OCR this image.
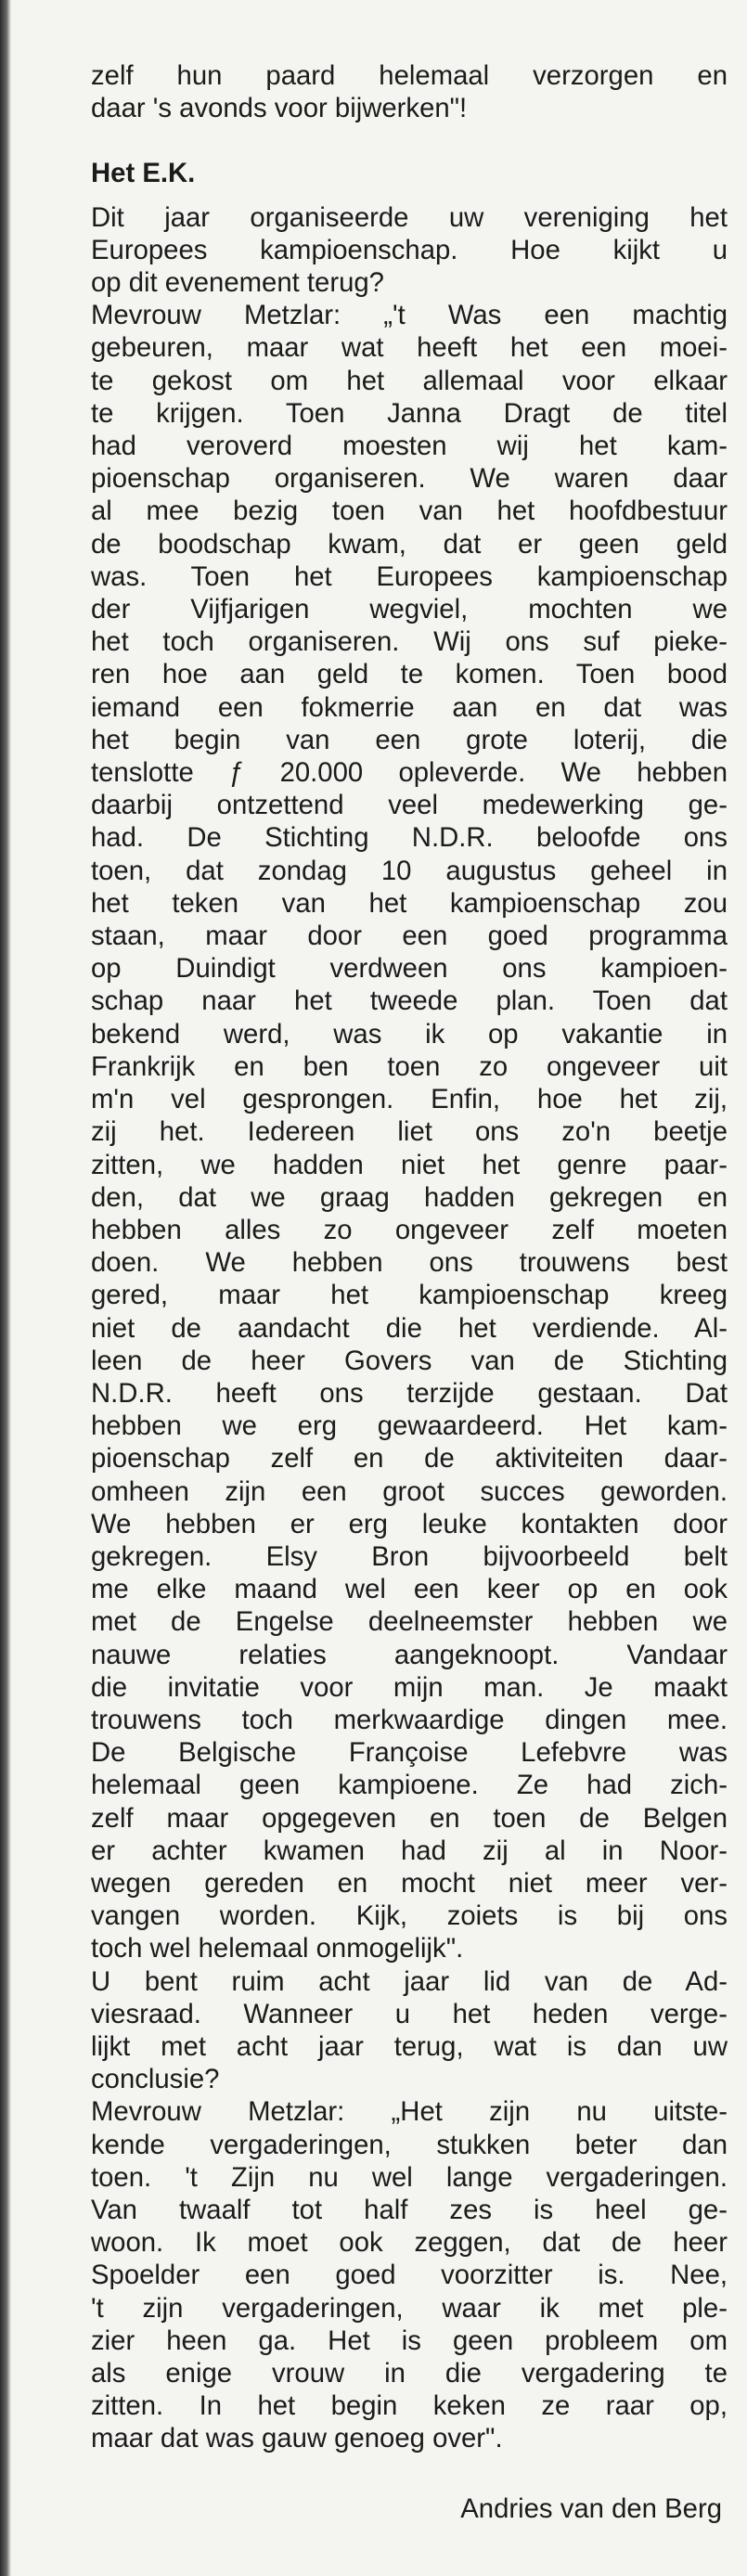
zelf hun paard helemaal verzorgen en
daar 's avonds voor bijwerken"!
Het E.K.
Dit jaar organiseerde uw vereniging het
Europees kampioenschap. Hoe kijkt u
op dit evenement terug?
Mevrouw Metzlar: „'t Was een machtig
gebeuren, maar wat heeft het een moei-
te gekost om het allemaal voor elkaar
te krijgen. Toen Janna Dragt de titel
had veroverd moesten wij het kam-
pioenschap organiseren. We waren daar
al mee bezig toen van het hoofdbestuur
de boodschap kwam, dat er geen geld
was. Toen het Europees kampioenschap
der Vijfjarigen wegviel, mochten we
het toch organiseren. Wij ons suf pieke-
ren hoe aan geld te komen. Toen bood
iemand een fokmerrie aan en dat was
het begin van een grote loterij, die
tenslotte ƒ 20.000 opleverde. We hebben
daarbij ontzettend veel medewerking ge-
had. De Stichting N.D.R. beloofde ons
toen, dat zondag 10 augustus geheel in
het teken van het kampioenschap zou
staan, maar door een goed programma
op Duindigt verdween ons kampioen-
schap naar het tweede plan. Toen dat
bekend werd, was ik op vakantie in
Frankrijk en ben toen zo ongeveer uit
m'n vel gesprongen. Enfin, hoe het zij,
zij het. Iedereen liet ons zo'n beetje
zitten, we hadden niet het genre paar-
den, dat we graag hadden gekregen en
hebben alles zo ongeveer zelf moeten
doen. We hebben ons trouwens best
gered, maar het kampioenschap kreeg
niet de aandacht die het verdiende. Al-
leen de heer Govers van de Stichting
N.D.R. heeft ons terzijde gestaan. Dat
hebben we erg gewaardeerd. Het kam-
pioenschap zelf en de aktiviteiten daar-
omheen zijn een groot succes geworden.
We hebben er erg leuke kontakten door
gekregen. Elsy Bron bijvoorbeeld belt
me elke maand wel een keer op en ook
met de Engelse deelneemster hebben we
nauwe relaties aangeknoopt. Vandaar
die invitatie voor mijn man. Je maakt
trouwens toch merkwaardige dingen mee.
De Belgische Françoise Lefebvre was
helemaal geen kampioene. Ze had zich-
zelf maar opgegeven en toen de Belgen
er achter kwamen had zij al in Noor-
wegen gereden en mocht niet meer ver-
vangen worden. Kijk, zoiets is bij ons
toch wel helemaal onmogelijk".
U bent ruim acht jaar lid van de Ad-
viesraad. Wanneer u het heden verge-
lijkt met acht jaar terug, wat is dan uw
conclusie?
Mevrouw Metzlar: „Het zijn nu uitste-
kende vergaderingen, stukken beter dan
toen. 't Zijn nu wel lange vergaderingen.
Van twaalf tot half zes is heel ge-
woon. Ik moet ook zeggen, dat de heer
Spoelder een goed voorzitter is. Nee,
't zijn vergaderingen, waar ik met ple-
zier heen ga. Het is geen probleem om
als enige vrouw in die vergadering te
zitten. In het begin keken ze raar op,
maar dat was gauw genoeg over".
Andries van den Berg
